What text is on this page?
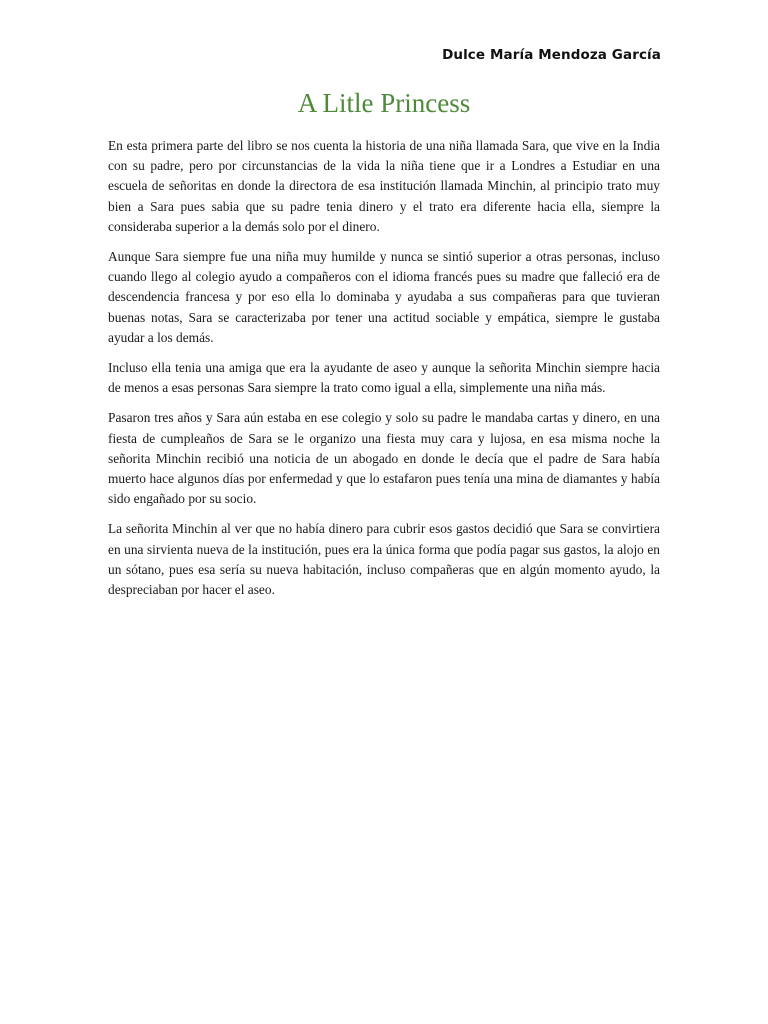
Dulce María Mendoza García
A Litle Princess

En esta primera parte del libro se nos cuenta la historia de una niña llamada Sara, que vive en la India con su padre, pero por circunstancias de la vida la niña tiene que ir a Londres a Estudiar en una escuela de señoritas en donde la directora de esa institución llamada Minchin, al principio trato muy bien a Sara pues sabia que su padre tenia dinero y el trato era diferente hacia ella, siempre la consideraba superior a la demás solo por el dinero.

Aunque Sara siempre fue una niña muy humilde y nunca se sintió superior a otras personas, incluso cuando llego al colegio ayudo a compañeros con el idioma francés pues su madre que falleció era de descendencia francesa y por eso ella lo dominaba y ayudaba a sus compañeras para que tuvieran buenas notas, Sara se caracterizaba por tener una actitud sociable y empática, siempre le gustaba ayudar a los demás.

Incluso ella tenia una amiga que era la ayudante de aseo y aunque la señorita Minchin siempre hacia de menos a esas personas Sara siempre la trato como igual a ella, simplemente una niña más.

Pasaron tres años y Sara aún estaba en ese colegio y solo su padre le mandaba cartas y dinero, en una fiesta de cumpleaños de Sara se le organizo una fiesta muy cara y lujosa, en esa misma noche la señorita Minchin recibió una noticia de un abogado en donde le decía que el padre de Sara había muerto hace algunos días por enfermedad y que lo estafaron pues tenía una mina de diamantes y había sido engañado por su socio.

La señorita Minchin al ver que no había dinero para cubrir esos gastos decidió que Sara se convirtiera en una sirvienta nueva de la institución, pues era la única forma que podía pagar sus gastos, la alojo en un sótano, pues esa sería su nueva habitación, incluso compañeras que en algún momento ayudo, la despreciaban por hacer el aseo.
